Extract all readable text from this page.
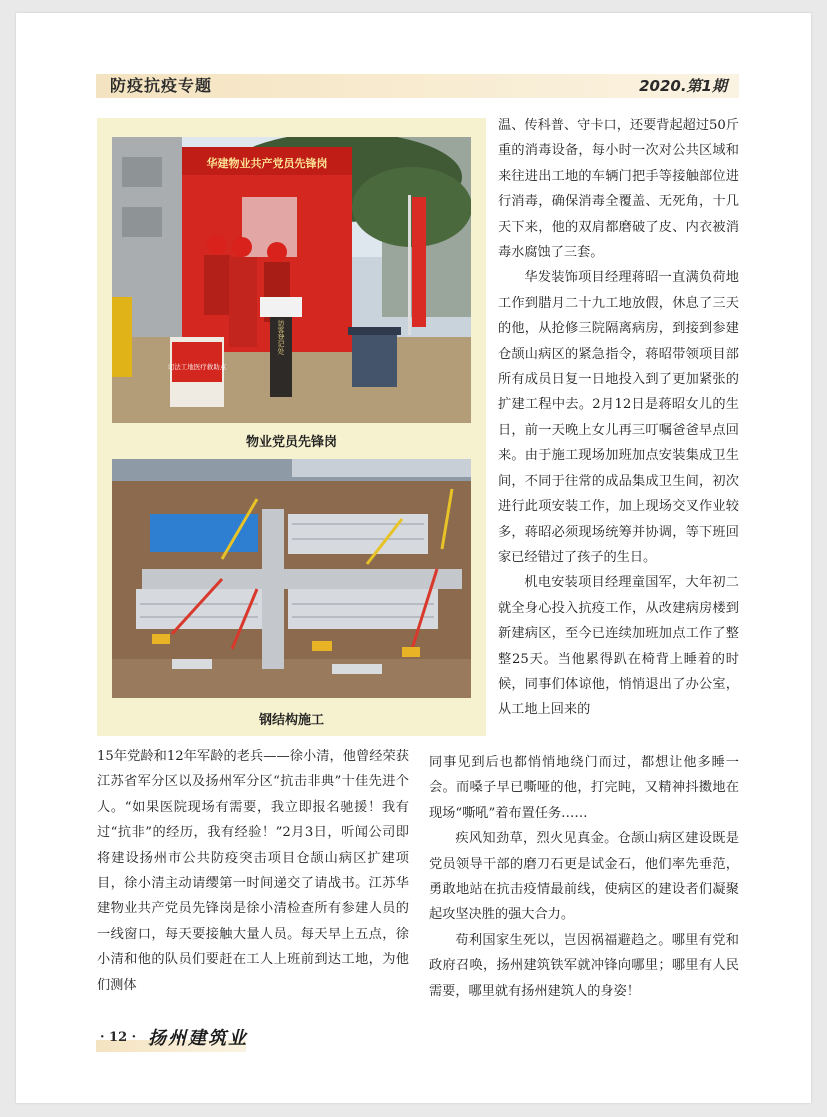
防疫抗疫专题	2020.第1期
华建物业共产党员先锋岗
访客登记处
司法工地医疗救助点
物业党员先锋岗
钢结构施工

15年党龄和12年军龄的老兵——徐小清，他曾经荣获江苏省军分区以及扬州军分区“抗击非典”十佳先进个人。“如果医院现场有需要，我立即报名驰援！我有过“抗非”的经历，我有经验！”2月3日，听闻公司即将建设扬州市公共防疫突击项目仓颉山病区扩建项目，徐小清主动请缨第一时间递交了请战书。江苏华建物业共产党员先锋岗是徐小清检查所有参建人员的一线窗口，每天要接触大量人员。每天早上五点，徐小清和他的队员们要赶在工人上班前到达工地，为他们测体

温、传科普、守卡口，还要背起超过50斤重的消毒设备，每小时一次对公共区域和来往进出工地的车辆门把手等接触部位进行消毒，确保消毒全覆盖、无死角，十几天下来，他的双肩都磨破了皮、内衣被消毒水腐蚀了三套。

华发装饰项目经理蒋昭一直满负荷地工作到腊月二十九工地放假，休息了三天的他，从抢修三院隔离病房，到接到参建仓颉山病区的紧急指令，蒋昭带领项目部所有成员日复一日地投入到了更加紧张的扩建工程中去。2月12日是蒋昭女儿的生日，前一天晚上女儿再三叮嘱爸爸早点回来。由于施工现场加班加点安装集成卫生间，不同于往常的成品集成卫生间，初次进行此项安装工作，加上现场交叉作业较多，蒋昭必须现场统筹并协调，等下班回家已经错过了孩子的生日。

机电安装项目经理童国军，大年初二就全身心投入抗疫工作，从改建病房楼到新建病区，至今已连续加班加点工作了整整25天。当他累得趴在椅背上睡着的时候，同事们体谅他，悄悄退出了办公室，从工地上回来的

同事见到后也都悄悄地绕门而过，都想让他多睡一会。而嗓子早已嘶哑的他，打完盹，又精神抖擞地在现场“嘶吼”着布置任务……

疾风知劲草，烈火见真金。仓颉山病区建设既是党员领导干部的磨刀石更是试金石，他们率先垂范，勇敢地站在抗击疫情最前线，使病区的建设者们凝聚起攻坚决胜的强大合力。

苟利国家生死以，岂因祸福避趋之。哪里有党和政府召唤，扬州建筑铁军就冲锋向哪里；哪里有人民需要，哪里就有扬州建筑人的身姿！

· 12 · 扬州建筑业
